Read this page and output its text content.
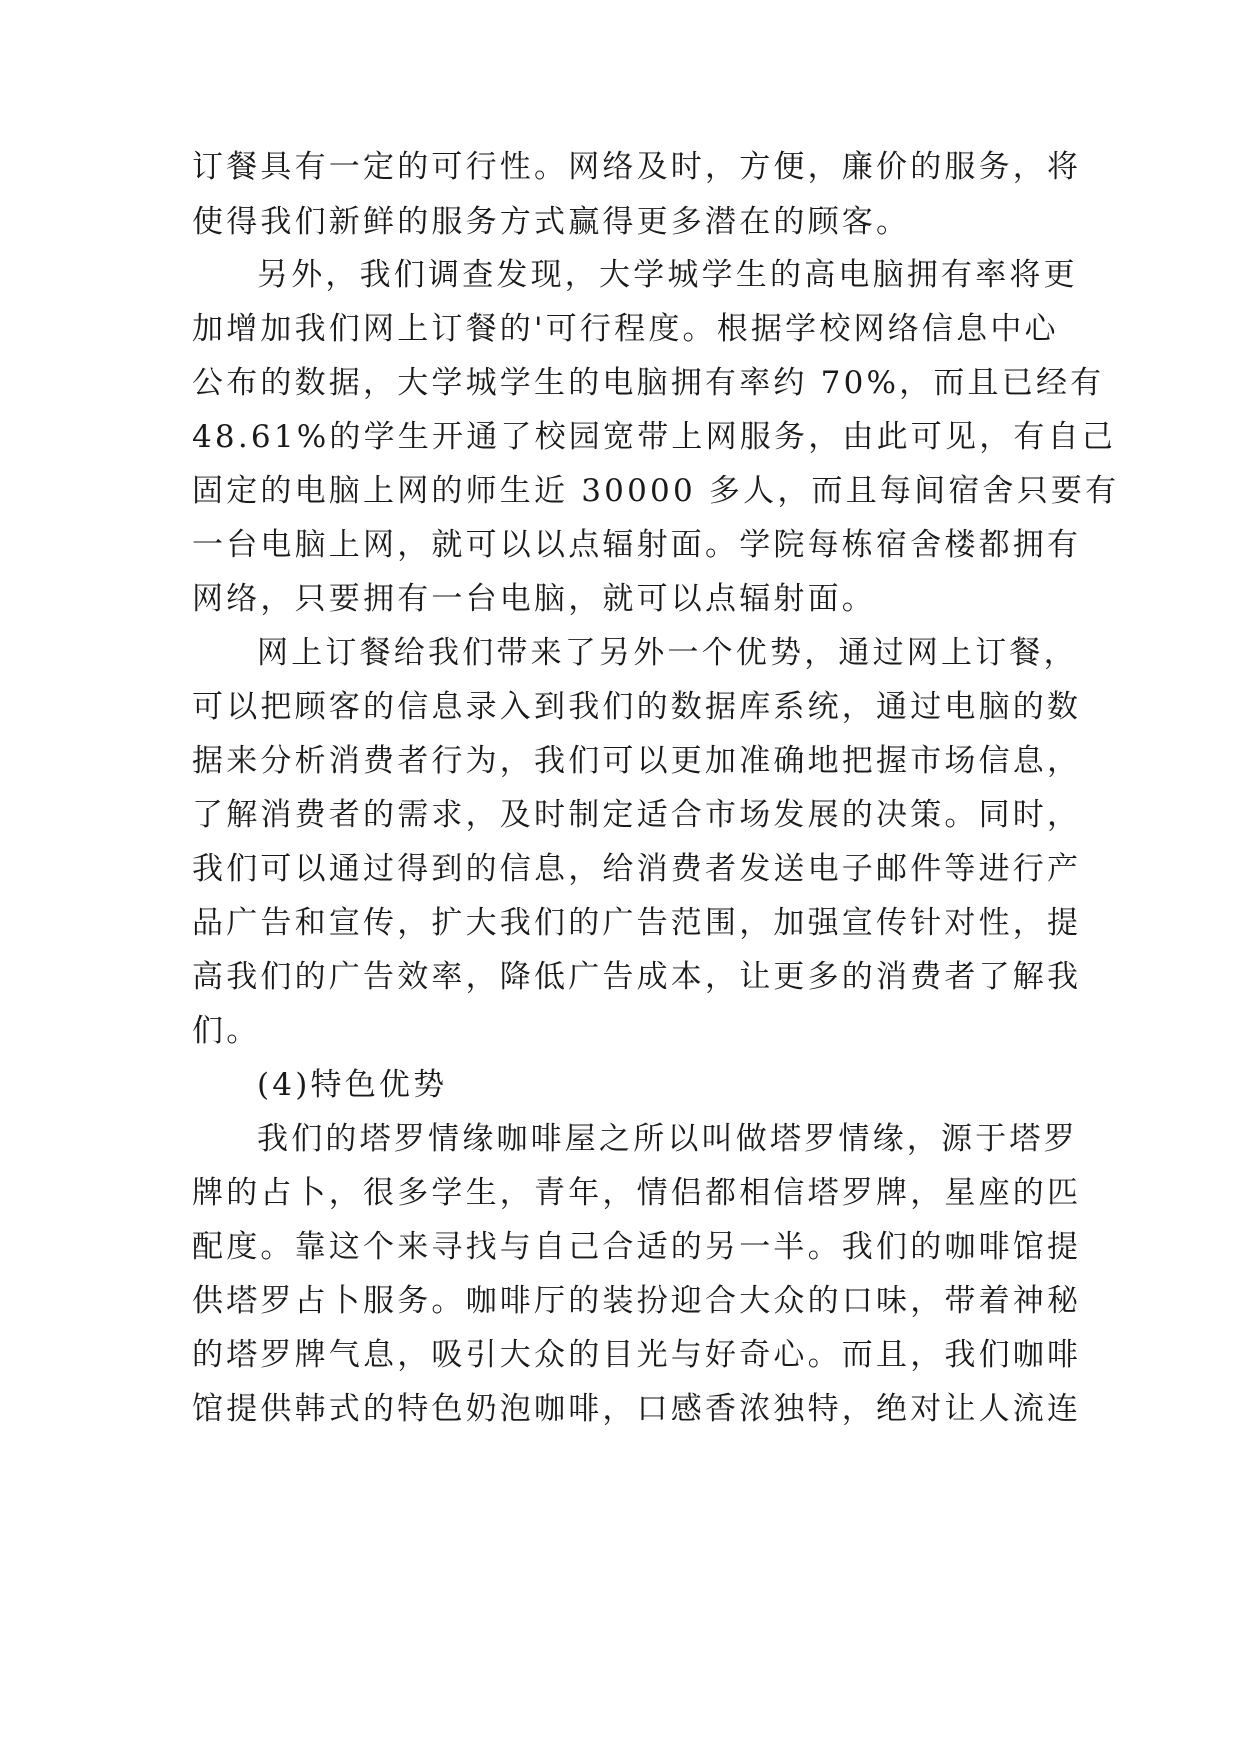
订餐具有一定的可行性。网络及时，方便，廉价的服务，将
使得我们新鲜的服务方式赢得更多潜在的顾客。
另外，我们调查发现，大学城学生的高电脑拥有率将更
加增加我们网上订餐的'可行程度。根据学校网络信息中心
公布的数据，大学城学生的电脑拥有率约 70%，而且已经有
48.61%的学生开通了校园宽带上网服务，由此可见，有自己
固定的电脑上网的师生近 30000 多人，而且每间宿舍只要有
一台电脑上网，就可以以点辐射面。学院每栋宿舍楼都拥有
网络，只要拥有一台电脑，就可以点辐射面。
网上订餐给我们带来了另外一个优势，通过网上订餐，
可以把顾客的信息录入到我们的数据库系统，通过电脑的数
据来分析消费者行为，我们可以更加准确地把握市场信息，
了解消费者的需求，及时制定适合市场发展的决策。同时，
我们可以通过得到的信息，给消费者发送电子邮件等进行产
品广告和宣传，扩大我们的广告范围，加强宣传针对性，提
高我们的广告效率，降低广告成本，让更多的消费者了解我
们。
(4)特色优势
我们的塔罗情缘咖啡屋之所以叫做塔罗情缘，源于塔罗
牌的占卜，很多学生，青年，情侣都相信塔罗牌，星座的匹
配度。靠这个来寻找与自己合适的另一半。我们的咖啡馆提
供塔罗占卜服务。咖啡厅的装扮迎合大众的口味，带着神秘
的塔罗牌气息，吸引大众的目光与好奇心。而且，我们咖啡
馆提供韩式的特色奶泡咖啡，口感香浓独特，绝对让人流连
